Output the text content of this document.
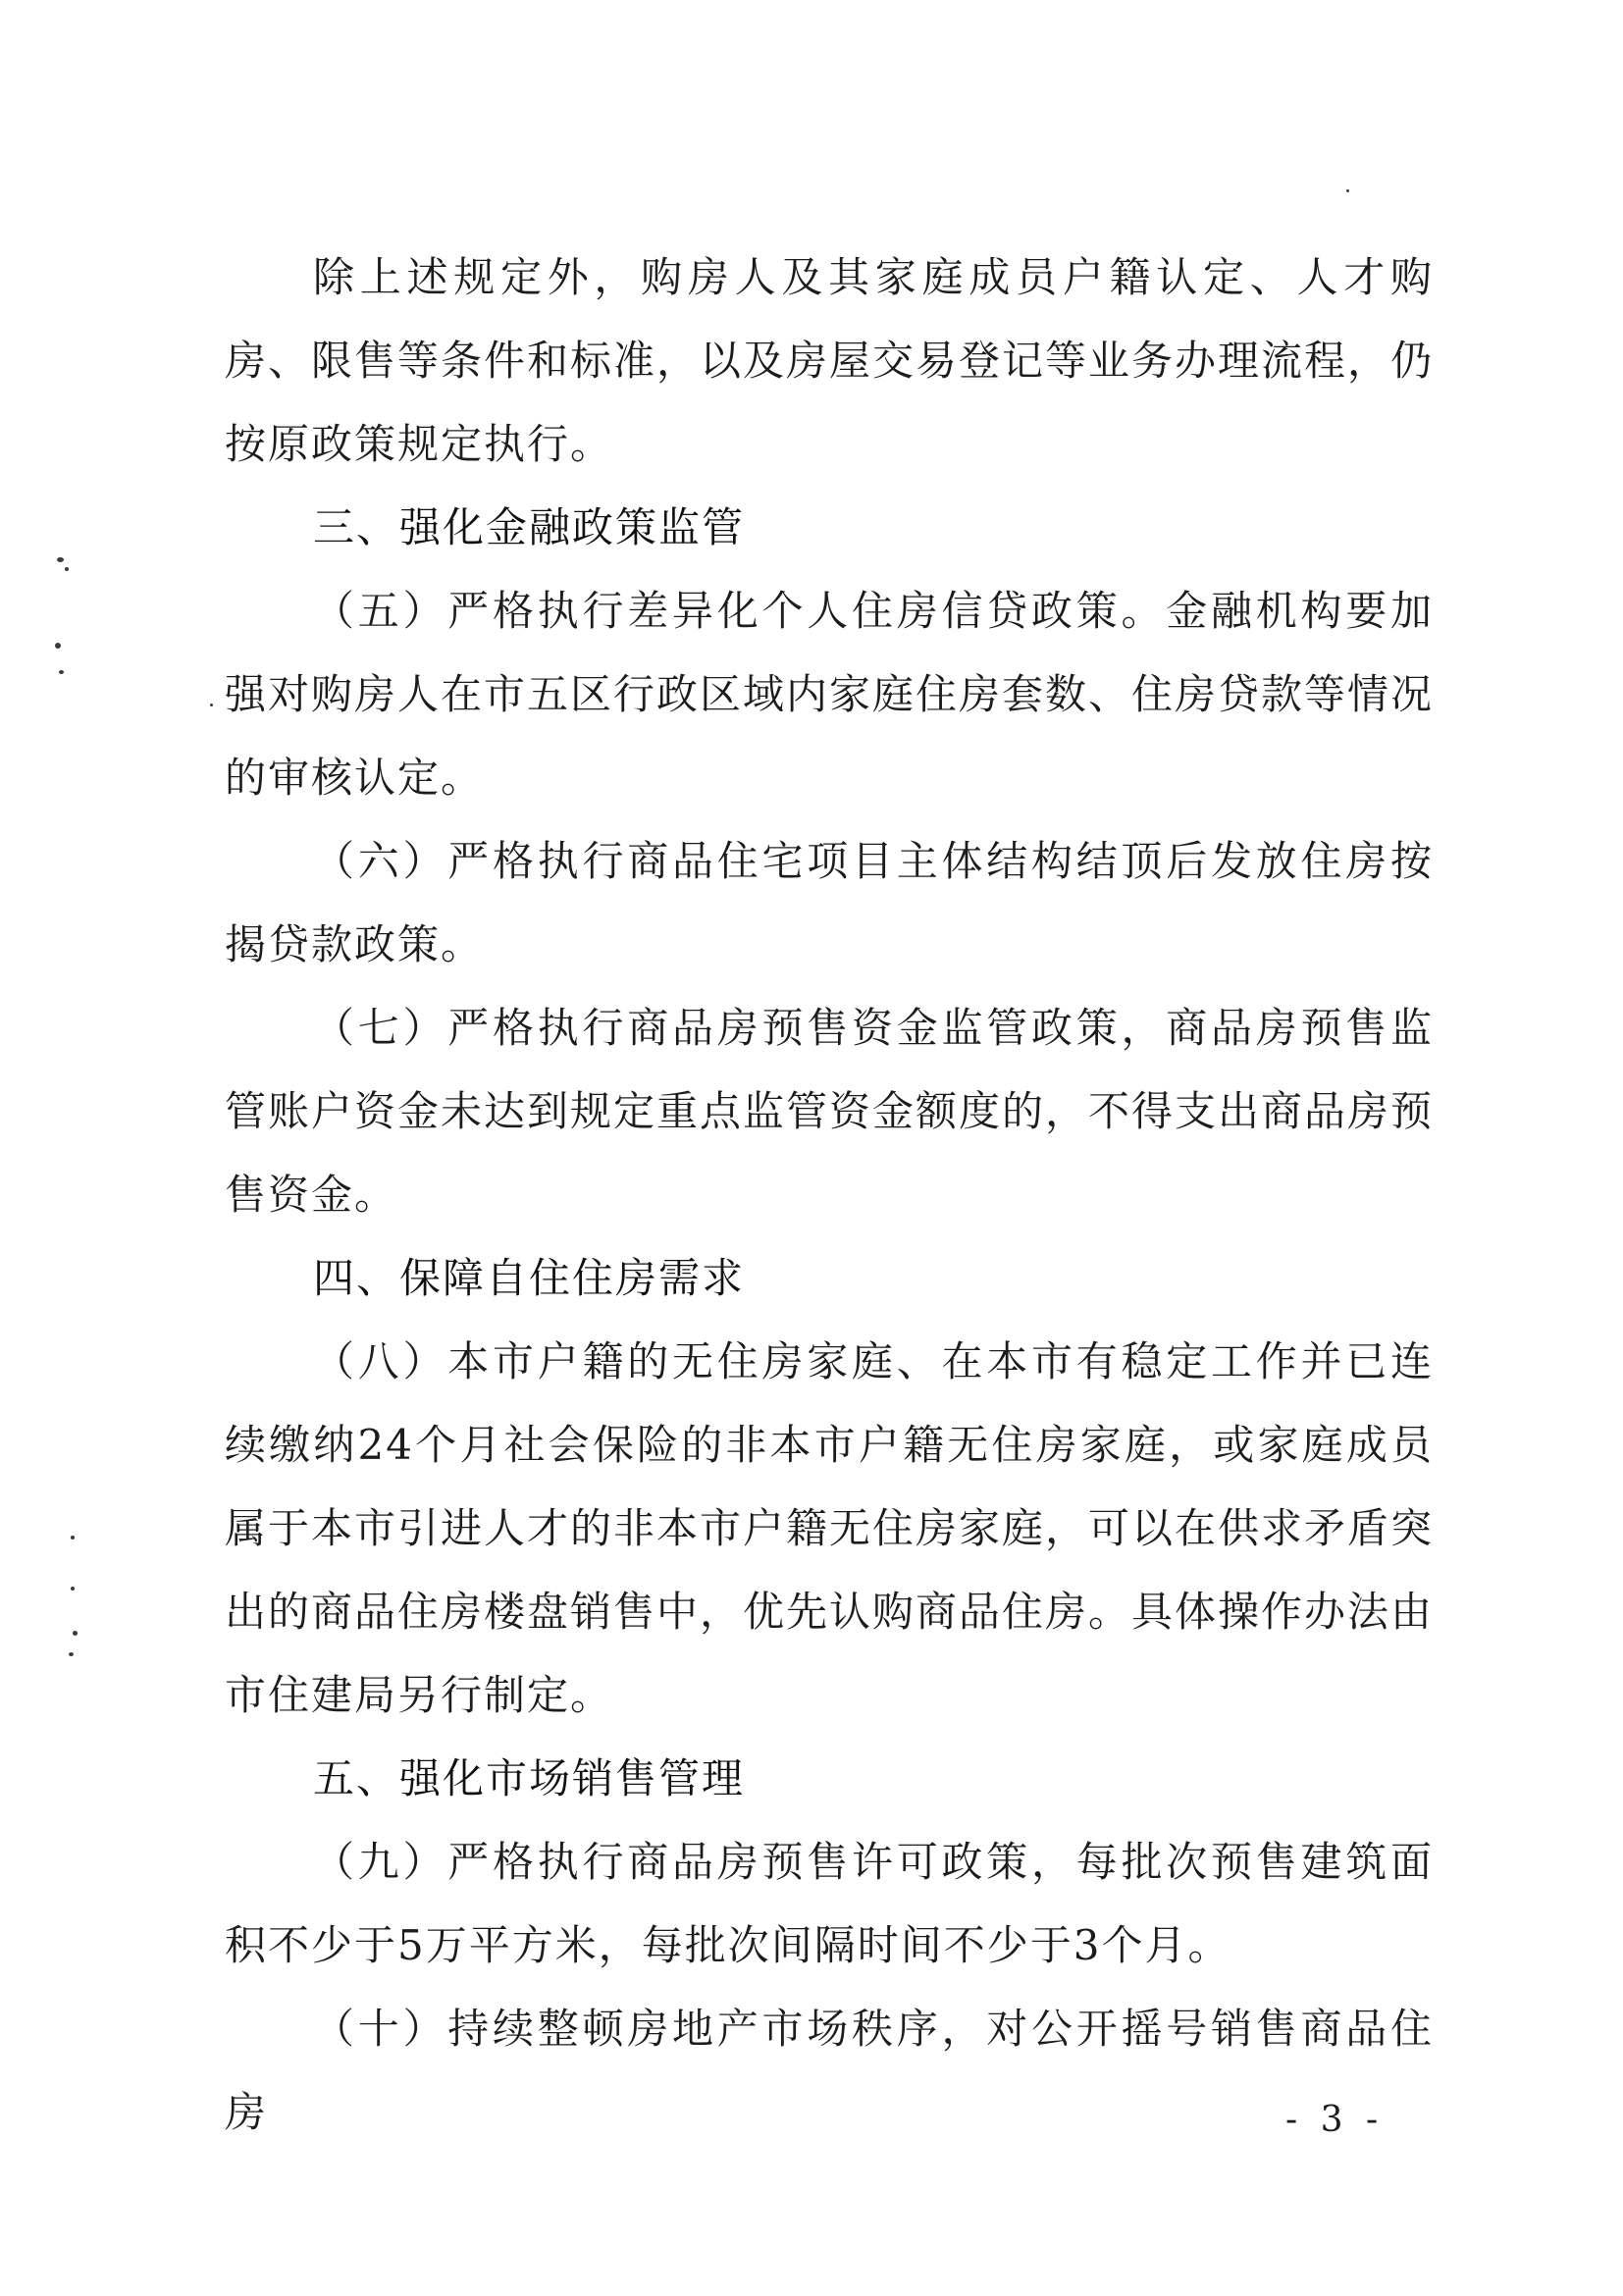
除上述规定外，购房人及其家庭成员户籍认定、人才购房、限售等条件和标准，以及房屋交易登记等业务办理流程，仍按原政策规定执行。

三、强化金融政策监管

（五）严格执行差异化个人住房信贷政策。金融机构要加强对购房人在市五区行政区域内家庭住房套数、住房贷款等情况的审核认定。

（六）严格执行商品住宅项目主体结构结顶后发放住房按揭贷款政策。

（七）严格执行商品房预售资金监管政策，商品房预售监管账户资金未达到规定重点监管资金额度的，不得支出商品房预售资金。

四、保障自住住房需求

（八）本市户籍的无住房家庭、在本市有稳定工作并已连续缴纳24个月社会保险的非本市户籍无住房家庭，或家庭成员属于本市引进人才的非本市户籍无住房家庭，可以在供求矛盾突出的商品住房楼盘销售中，优先认购商品住房。具体操作办法由市住建局另行制定。

五、强化市场销售管理

（九）严格执行商品房预售许可政策，每批次预售建筑面积不少于5万平方米，每批次间隔时间不少于3个月。

（十）持续整顿房地产市场秩序，对公开摇号销售商品住房	- 3 -
